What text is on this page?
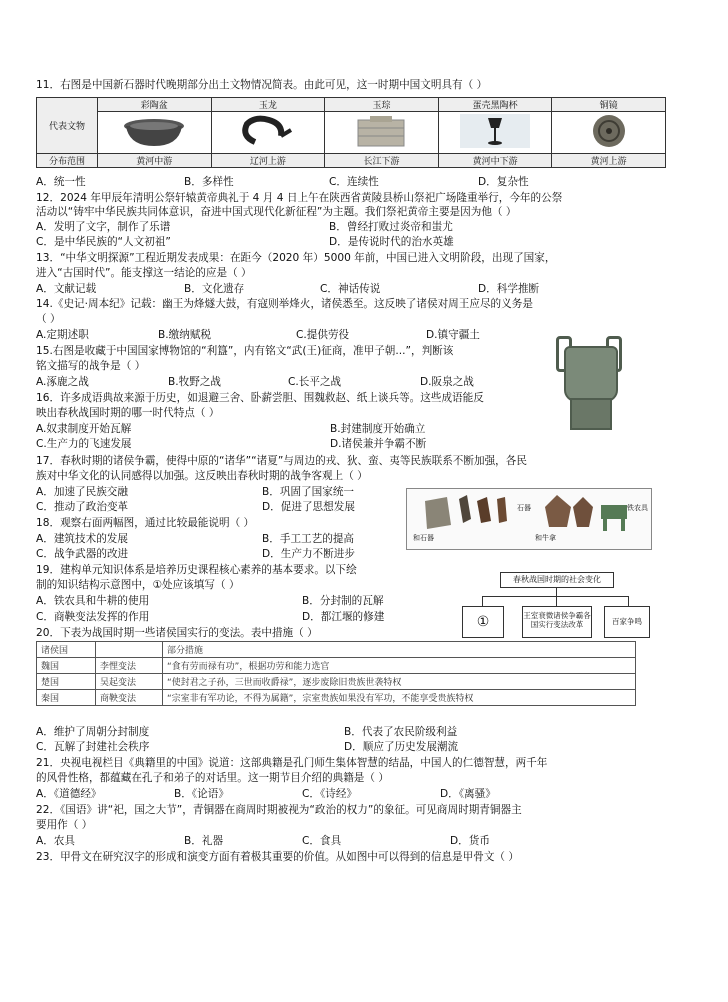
11．右图是中国新石器时代晚期部分出土文物情况简表。由此可见，这一时期中国文明具有（ ）
代表文物	彩陶盆	玉龙	玉琮	蛋壳黑陶杯	铜镜

分布范围	黄河中游	辽河上游	长江下游	黄河中下游	黄河上游
A．统一性	B．多样性	C．连续性	D．复杂性
12．2024 年甲辰年清明公祭轩辕黄帝典礼于 4 月 4 日上午在陕西省黄陵县桥山祭祀广场隆重举行，今年的公祭
活动以“铸牢中华民族共同体意识，奋进中国式现代化新征程”为主题。我们祭祀黄帝主要是因为他（ ）
A．发明了文字，制作了乐谱	B．曾经打败过炎帝和蚩尤
C．是中华民族的“人文初祖”	D．是传说时代的治水英雄
13．“中华文明探源”工程近期发表成果：在距今（2020 年）5000 年前，中国已进入文明阶段，出现了国家，
进入“古国时代”。能支撑这一结论的应是（ ）
A．文献记载	B．文化遗存	C．神话传说	D．科学推断
14.《史记·周本纪》记载：幽王为烽燧大鼓，有寇则举烽火，诸侯悉至。这反映了诸侯对周王应尽的义务是
（ ）
A.定期述职	B.缴纳赋税	C.提供劳役	D.镇守疆土
15.右图是收藏于中国国家博物馆的“利簋”，内有铭文“武(王)征商，准甲子朝...”，判断该
铭文描写的战争是（ ）
A.涿鹿之战	B.牧野之战	C.长平之战	D.阪泉之战
16．许多成语典故来源于历史，如退避三舍、卧薪尝胆、围魏救赵、纸上谈兵等。这些成语能反
映出春秋战国时期的哪一时代特点（ ）
A.奴隶制度开始瓦解	B.封建制度开始确立
C.生产力的飞速发展	D.诸侯兼并争霸不断
17．春秋时期的诸侯争霸，使得中原的“诸华”“诸夏”与周边的戎、狄、蛮、夷等民族联系不断加强，各民
族对中华文化的认同感得以加强。这反映出春秋时期的战争客观上（ ）
A．加速了民族交融	B．巩固了国家统一
C．推动了政治变革	D．促进了思想发展
18．观察右面两幅图，通过比较最能说明（ ）
A．建筑技术的发展	B．手工工艺的提高
C．战争武器的改进	D．生产力不断进步
石器	铁农具
和石器	和牛拿
19．建构单元知识体系是培养历史课程核心素养的基本要求。以下绘
制的知识结构示意图中，①处应该填写（ ）
A．铁农具和牛耕的使用	B．分封制的瓦解
C．商鞅变法发挥的作用	D．都江堰的修建
春秋战国时期的社会变化
①	王室衰微诸侯争霸各国实行变法改革	百家争鸣
20．下表为战国时期一些诸侯国实行的变法。表中措施（ ）
诸侯国		部分措施
魏国	李悝变法	“食有劳而禄有功”，根据功劳和能力选官
楚国	吴起变法	“使封君之子孙，三世而收爵禄”，逐步废除旧贵族世袭特权
秦国	商鞅变法	“宗室非有军功论，不得为属籍”，宗室贵族如果没有军功，不能享受贵族特权
A．维护了周朝分封制度	B．代表了农民阶级利益
C．瓦解了封建社会秩序	D．顺应了历史发展潮流
21．央视电视栏目《典籍里的中国》说道：这部典籍是孔门师生集体智慧的结晶，中国人的仁德智慧，两千年
的风骨性格，都蕴藏在孔子和弟子的对话里。这一期节目介绍的典籍是（ ）
A．《道德经》	B．《论语》	C．《诗经》	D．《离骚》
22．《国语》讲“祀，国之大节”，青铜器在商周时期被视为“政治的权力”的象征。可见商周时期青铜器主
要用作（ ）
A．农具	B．礼器	C．食具	D．货币
23．甲骨文在研究汉字的形成和演变方面有着极其重要的价值。从如图中可以得到的信息是甲骨文（ ）
